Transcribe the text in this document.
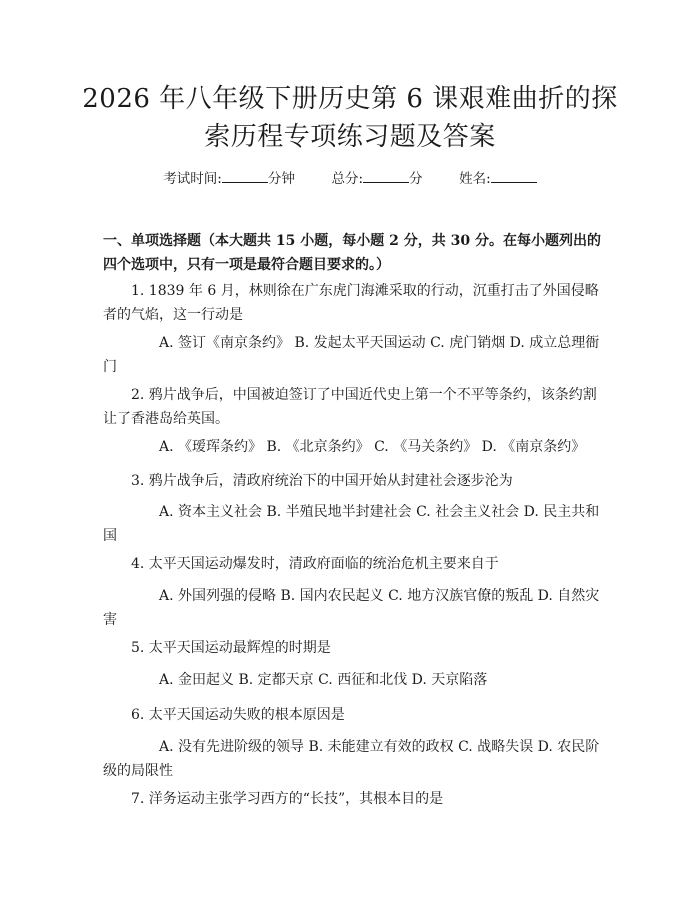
2026 年八年级下册历史第 6 课艰难曲折的探
索历程专项练习题及答案
考试时间:	分钟	总分:	分	姓名:
一、单项选择题（本大题共 15 小题，每小题 2 分，共 30 分。在每小题列出的四个选项中，只有一项是最符合题目要求的。）
1. 1839 年 6 月，林则徐在广东虎门海滩采取的行动，沉重打击了外国侵略者的气焰，这一行动是
A. 签订《南京条约》 B. 发起太平天国运动 C. 虎门销烟 D. 成立总理衙门
2. 鸦片战争后，中国被迫签订了中国近代史上第一个不平等条约，该条约割让了香港岛给英国。
A. 《瑷珲条约》 B. 《北京条约》 C. 《马关条约》 D. 《南京条约》
3. 鸦片战争后，清政府统治下的中国开始从封建社会逐步沦为
A. 资本主义社会 B. 半殖民地半封建社会 C. 社会主义社会 D. 民主共和国
4. 太平天国运动爆发时，清政府面临的统治危机主要来自于
A. 外国列强的侵略 B. 国内农民起义 C. 地方汉族官僚的叛乱 D. 自然灾害
5. 太平天国运动最辉煌的时期是
A. 金田起义 B. 定都天京 C. 西征和北伐 D. 天京陷落
6. 太平天国运动失败的根本原因是
A. 没有先进阶级的领导 B. 未能建立有效的政权 C. 战略失误 D. 农民阶级的局限性
7. 洋务运动主张学习西方的“长技”，其根本目的是
